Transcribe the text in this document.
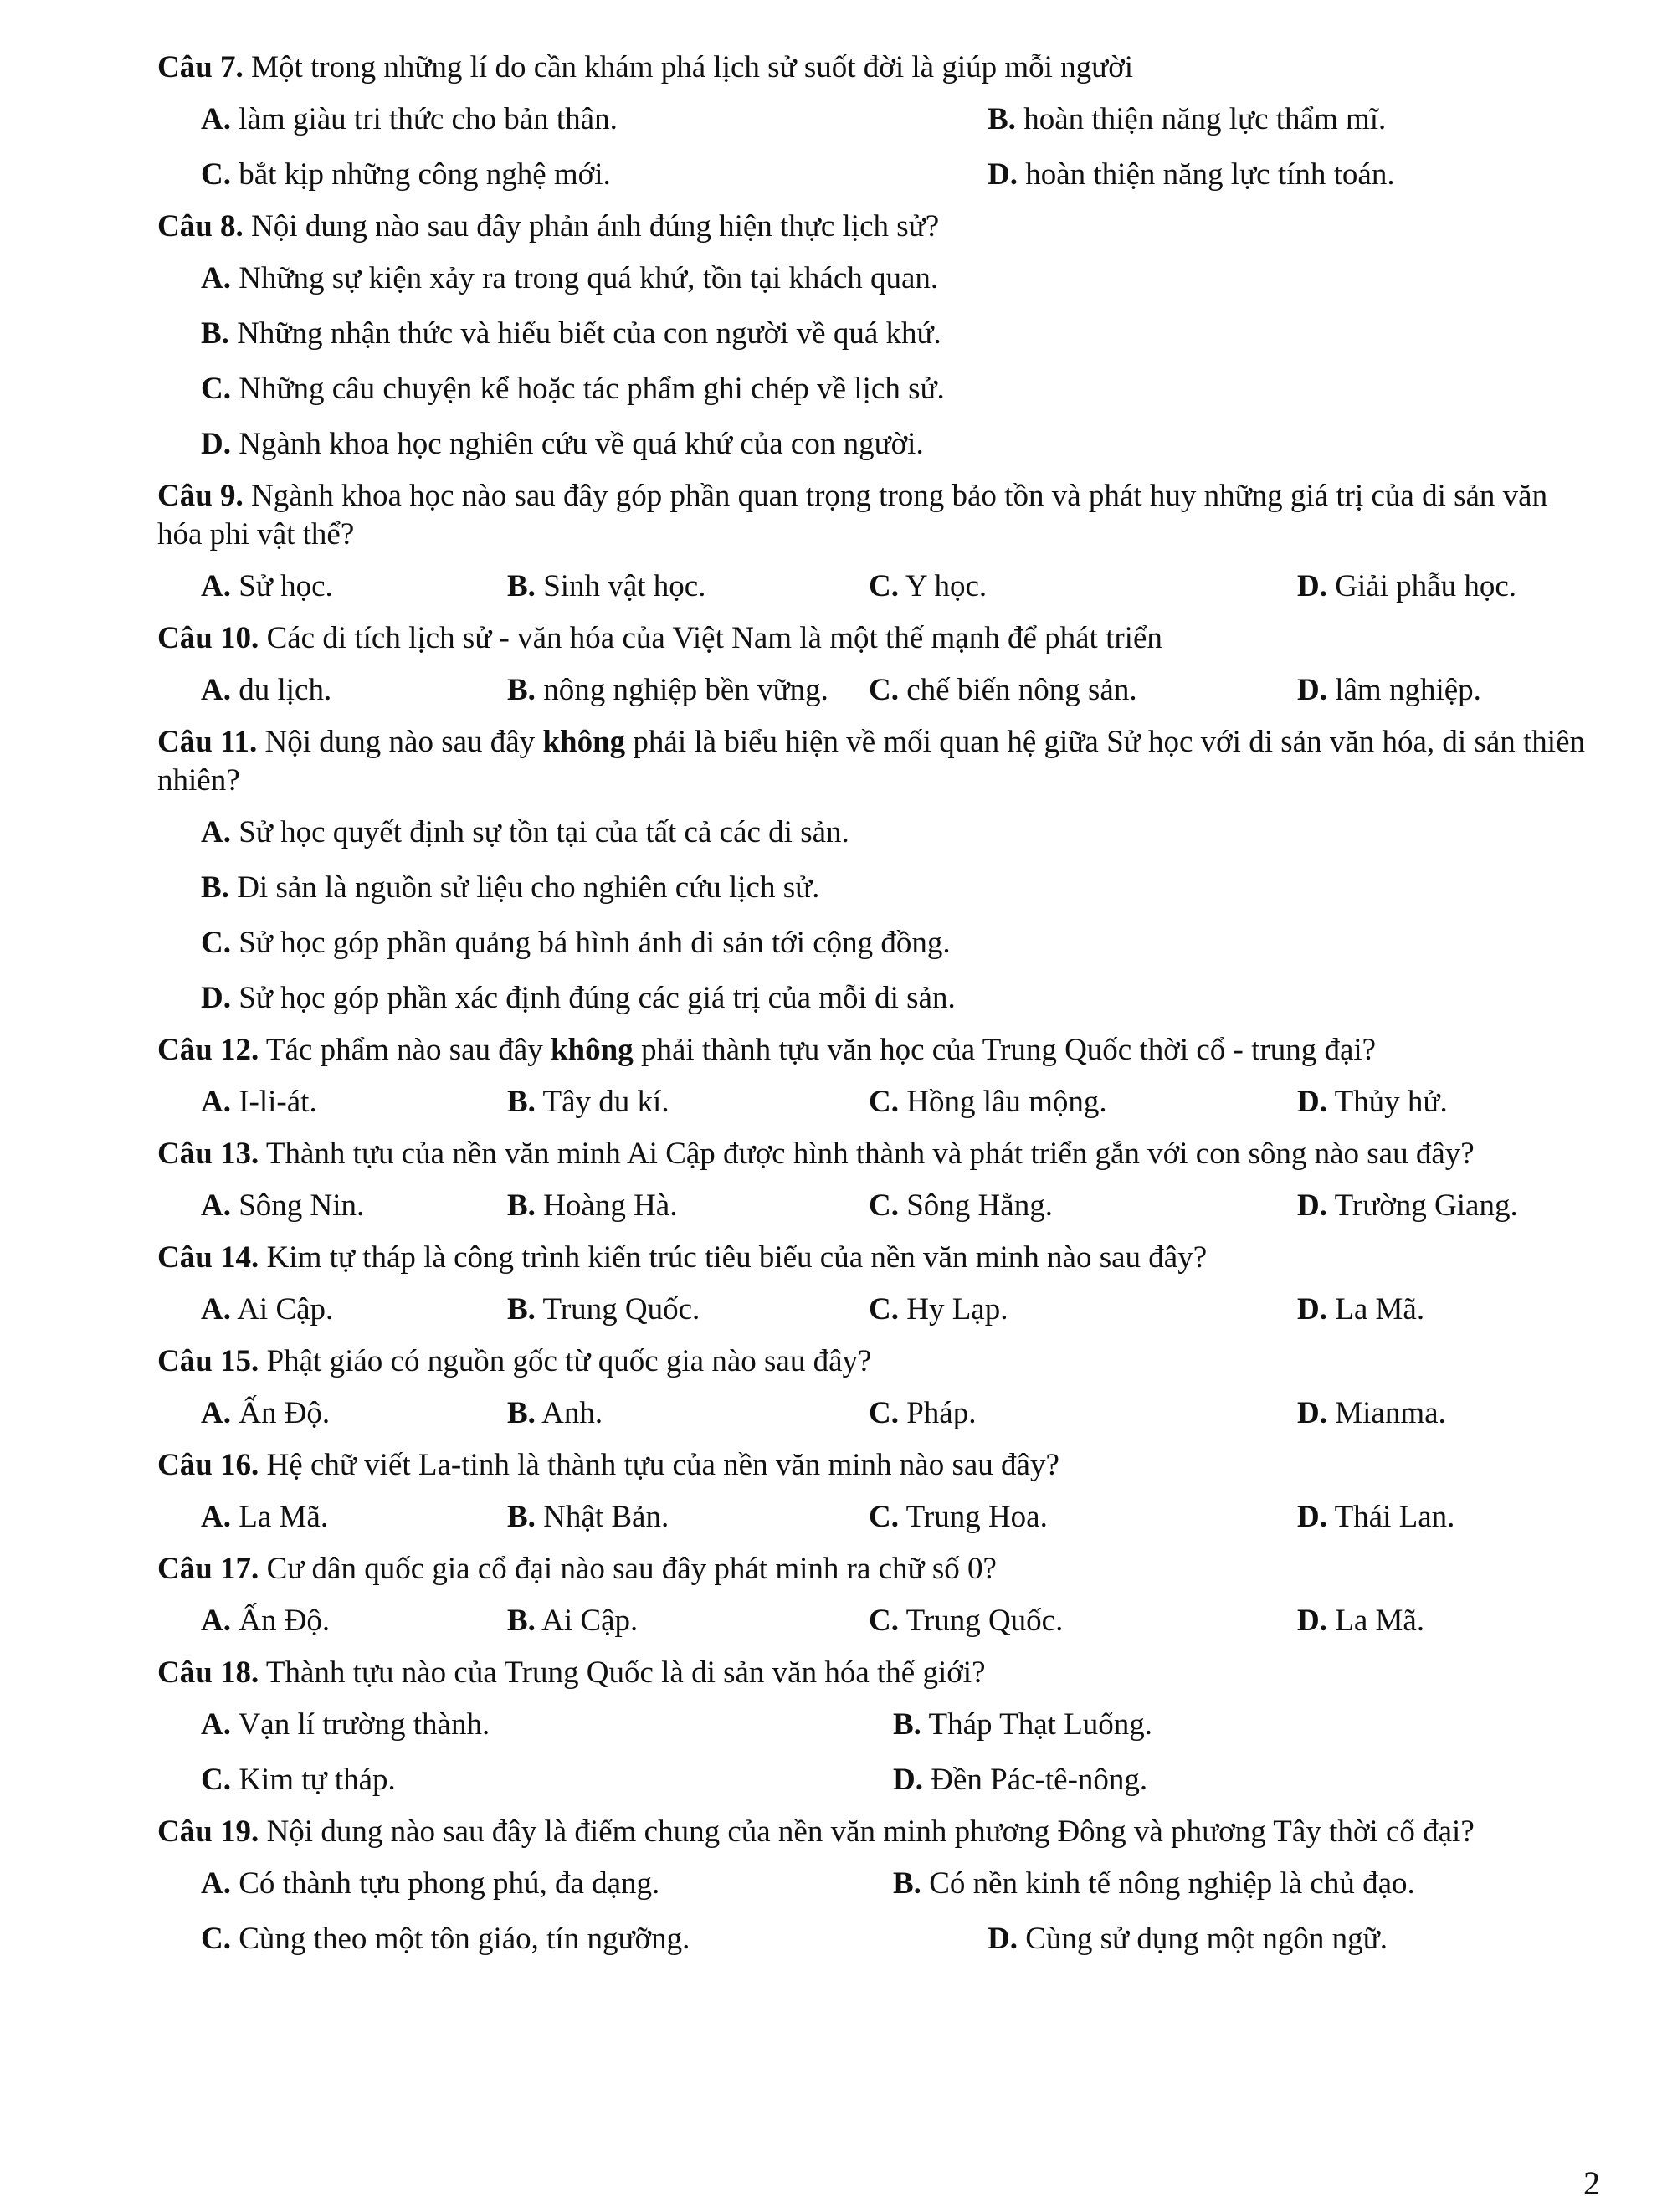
Câu 7. Một trong những lí do cần khám phá lịch sử suốt đời là giúp mỗi người

A. làm giàu tri thức cho bản thân.	B. hoàn thiện năng lực thẩm mĩ.
C. bắt kịp những công nghệ mới.	D. hoàn thiện năng lực tính toán.

Câu 8. Nội dung nào sau đây phản ánh đúng hiện thực lịch sử?

A. Những sự kiện xảy ra trong quá khứ, tồn tại khách quan.
B. Những nhận thức và hiểu biết của con người về quá khứ.
C. Những câu chuyện kể hoặc tác phẩm ghi chép về lịch sử.
D. Ngành khoa học nghiên cứu về quá khứ của con người.

Câu 9. Ngành khoa học nào sau đây góp phần quan trọng trong bảo tồn và phát huy những giá trị của di sản văn hóa phi vật thể?

A. Sử học.	B. Sinh vật học.	C. Y học.	D. Giải phẫu học.

Câu 10. Các di tích lịch sử - văn hóa của Việt Nam là một thế mạnh để phát triển

A. du lịch.	B. nông nghiệp bền vững.	C. chế biến nông sản.	D. lâm nghiệp.

Câu 11. Nội dung nào sau đây không phải là biểu hiện về mối quan hệ giữa Sử học với di sản văn hóa, di sản thiên nhiên?

A. Sử học quyết định sự tồn tại của tất cả các di sản.
B. Di sản là nguồn sử liệu cho nghiên cứu lịch sử.
C. Sử học góp phần quảng bá hình ảnh di sản tới cộng đồng.
D. Sử học góp phần xác định đúng các giá trị của mỗi di sản.

Câu 12. Tác phẩm nào sau đây không phải thành tựu văn học của Trung Quốc thời cổ - trung đại?

A. I-li-át.	B. Tây du kí.	C. Hồng lâu mộng.	D. Thủy hử.

Câu 13. Thành tựu của nền văn minh Ai Cập được hình thành và phát triển gắn với con sông nào sau đây?

A. Sông Nin.	B. Hoàng Hà.	C. Sông Hằng.	D. Trường Giang.

Câu 14. Kim tự tháp là công trình kiến trúc tiêu biểu của nền văn minh nào sau đây?

A. Ai Cập.	B. Trung Quốc.	C. Hy Lạp.	D. La Mã.

Câu 15. Phật giáo có nguồn gốc từ quốc gia nào sau đây?

A. Ấn Độ.	B. Anh.	C. Pháp.	D. Mianma.

Câu 16. Hệ chữ viết La-tinh là thành tựu của nền văn minh nào sau đây?

A. La Mã.	B. Nhật Bản.	C. Trung Hoa.	D. Thái Lan.

Câu 17. Cư dân quốc gia cổ đại nào sau đây phát minh ra chữ số 0?

A. Ấn Độ.	B. Ai Cập.	C. Trung Quốc.	D. La Mã.

Câu 18. Thành tựu nào của Trung Quốc là di sản văn hóa thế giới?

A. Vạn lí trường thành.	B. Tháp Thạt Luổng.
C. Kim tự tháp.	D. Đền Pác-tê-nông.

Câu 19. Nội dung nào sau đây là điểm chung của nền văn minh phương Đông và phương Tây thời cổ đại?

A. Có thành tựu phong phú, đa dạng.	B. Có nền kinh tế nông nghiệp là chủ đạo.
C. Cùng theo một tôn giáo, tín ngưỡng.	D. Cùng sử dụng một ngôn ngữ.
2
